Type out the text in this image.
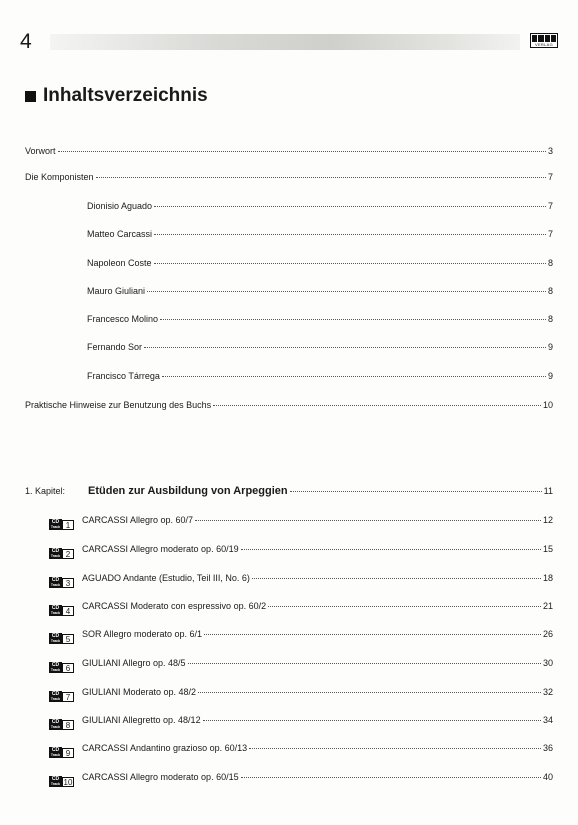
4	VERLAG
Inhaltsverzeichnis
Vorwort	3
Die Komponisten	7
Dionisio Aguado	7
Matteo Carcassi	7
Napoleon Coste	8
Mauro Giuliani	8
Francesco Molino	8
Fernando Sor	9
Francisco Tárrega	9
Praktische Hinweise zur Benutzung des Buchs	10
1. Kapitel:	Etüden zur Ausbildung von Arpeggien	11
CD
Track 1	CARCASSI Allegro op. 60/7	12
CD
Track 2	CARCASSI Allegro moderato op. 60/19	15
CD
Track 3	AGUADO Andante (Estudio, Teil III, No. 6)	18
CD
Track 4	CARCASSI Moderato con espressivo op. 60/2	21
CD
Track 5	SOR Allegro moderato op. 6/1	26
CD
Track 6	GIULIANI Allegro op. 48/5	30
CD
Track 7	GIULIANI Moderato op. 48/2	32
CD
Track 8	GIULIANI Allegretto op. 48/12	34
CD
Track 9	CARCASSI Andantino grazioso op. 60/13	36
CD
Track 10 CARCASSI Allegro moderato op. 60/15	40
